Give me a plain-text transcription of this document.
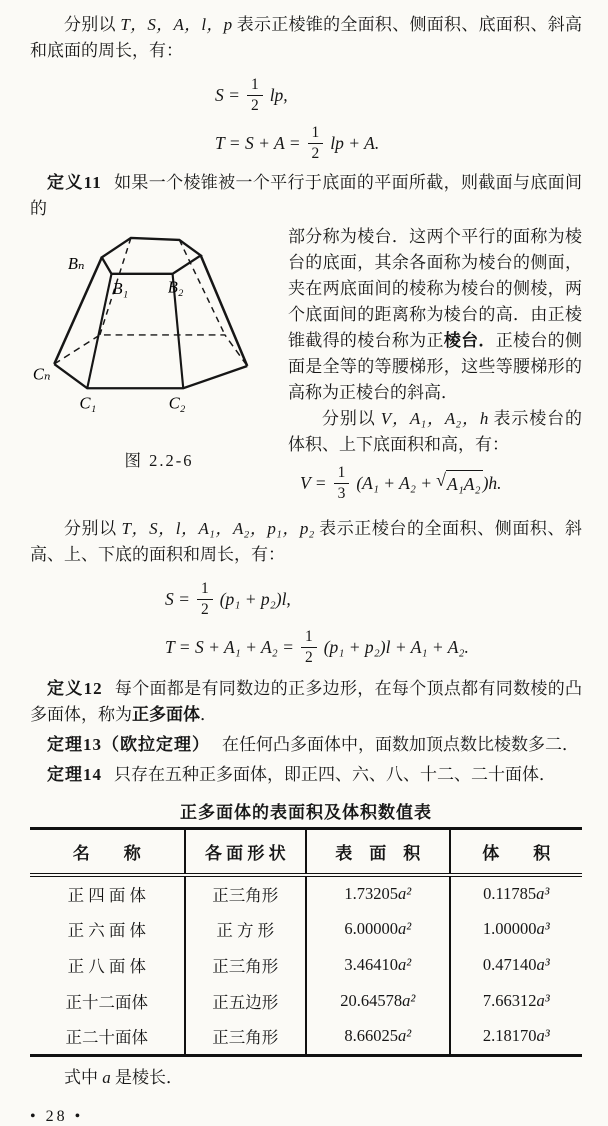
分别以 T，S，A，l，p 表示正棱锥的全面积、侧面积、底面积、斜高和底面的周长，有：

$S = \frac{1}{2}$ lp,
$T = S + A = \frac{1}{2}$ lp + A.

定义11 如果一个棱锥被一个平行于底面的平面所截，则截面与底面间的

Bₙ
B₁ B₂
Cₙ
C₁	C₂
图 2.2-6

部分称为棱台．这两个平行的面称为棱台的底面，其余各面称为棱台的侧面，夹在两底面间的棱称为棱台的侧棱，两个底面间的距离称为棱台的高．由正棱锥截得的棱台称为正棱台．正棱台的侧面是全等的等腰梯形，这些等腰梯形的高称为正棱台的斜高．

分别以 V，A₁，A₂，h 表示棱台的体积、上下底面积和高，有：

$V = \frac{1}{3} (A_1 + A_2$ + √ A₁A₂ )h.

分别以 T，S，l，A₁，A₂，p₁，p₂ 表示正棱台的全面积、侧面积、斜高、上、下底的面积和周长，有：

$S = \frac{1}{2} (p_1 + p_2)l$,
$T = S + A_1 + A_2 = \frac{1}{2} (p_1 + p_2)l + A_1 + A_2$.

定义12 每个面都是有同数边的正多边形，在每个顶点都有同数棱的凸多面体，称为正多面体．

定理13（欧拉定理） 在任何凸多面体中，面数加顶点数比棱数多二．

定理14 只存在五种正多面体，即正四、六、八、十二、二十面体．

正多面体的表面积及体积数值表
名　　称	各 面 形 状	表　面　积	体　　积
正 四 面 体	正三角形	1.73205a²	0.11785a³
正 六 面 体	正 方 形	6.00000a²	1.00000a³
正 八 面 体	正三角形	3.46410a²	0.47140a³
正十二面体	正五边形	20.64578a²	7.66312a³
正二十面体	正三角形	8.66025a²	2.18170a³

式中 a 是棱长．

• 28 •
